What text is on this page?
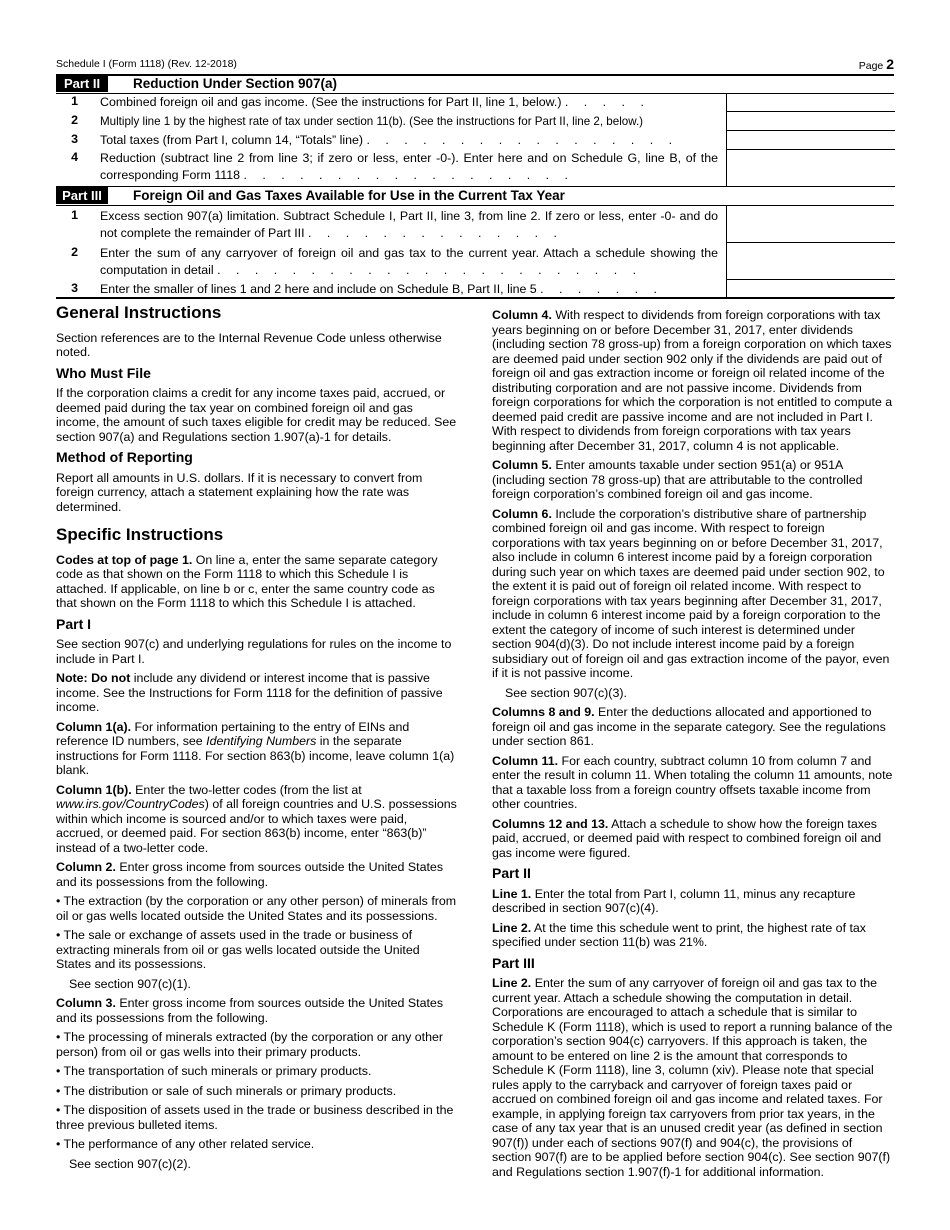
Schedule I (Form 1118) (Rev. 12-2018)	Page 2
Part II	Reduction Under Section 907(a)
1 Combined foreign oil and gas income. (See the instructions for Part II, line 1, below.) . . . . .
2 Multiply line 1 by the highest rate of tax under section 11(b). (See the instructions for Part II, line 2, below.)
3 Total taxes (from Part I, column 14, “Totals” line) . . . . . . . . . . . . . . . . .
4 Reduction (subtract line 2 from line 3; if zero or less, enter -0-). Enter here and on Schedule G, line B, of the corresponding Form 1118 . . . . . . . . . . . . . . . . . .
Part III	Foreign Oil and Gas Taxes Available for Use in the Current Tax Year
1 Excess section 907(a) limitation. Subtract Schedule I, Part II, line 3, from line 2. If zero or less, enter -0- and do not complete the remainder of Part III . . . . . . . . . . . . . .
2 Enter the sum of any carryover of foreign oil and gas tax to the current year. Attach a schedule showing the computation in detail . . . . . . . . . . . . . . . . . . . . . . .
3 Enter the smaller of lines 1 and 2 here and include on Schedule B, Part II, line 5 . . . . . . .
General Instructions

Section references are to the Internal Revenue Code unless otherwise noted.

Who Must File

If the corporation claims a credit for any income taxes paid, accrued, or deemed paid during the tax year on combined foreign oil and gas income, the amount of such taxes eligible for credit may be reduced. See section 907(a) and Regulations section 1.907(a)-1 for details.

Method of Reporting

Report all amounts in U.S. dollars. If it is necessary to convert from foreign currency, attach a statement explaining how the rate was determined.

Specific Instructions

Codes at top of page 1. On line a, enter the same separate category code as that shown on the Form 1118 to which this Schedule I is attached. If applicable, on line b or c, enter the same country code as that shown on the Form 1118 to which this Schedule I is attached.

Part I

See section 907(c) and underlying regulations for rules on the income to include in Part I.

Note: Do not include any dividend or interest income that is passive income. See the Instructions for Form 1118 for the definition of passive income.

Column 1(a). For information pertaining to the entry of EINs and reference ID numbers, see Identifying Numbers in the separate instructions for Form 1118. For section 863(b) income, leave column 1(a) blank.

Column 1(b). Enter the two-letter codes (from the list at www.irs.gov/CountryCodes) of all foreign countries and U.S. possessions within which income is sourced and/or to which taxes were paid, accrued, or deemed paid. For section 863(b) income, enter “863(b)” instead of a two-letter code.

Column 2. Enter gross income from sources outside the United States and its possessions from the following.

• The extraction (by the corporation or any other person) of minerals from oil or gas wells located outside the United States and its possessions.

• The sale or exchange of assets used in the trade or business of extracting minerals from oil or gas wells located outside the United States and its possessions.

See section 907(c)(1).

Column 3. Enter gross income from sources outside the United States and its possessions from the following.

• The processing of minerals extracted (by the corporation or any other person) from oil or gas wells into their primary products.

• The transportation of such minerals or primary products.

• The distribution or sale of such minerals or primary products.

• The disposition of assets used in the trade or business described in the three previous bulleted items.

• The performance of any other related service.

See section 907(c)(2).

Column 4. With respect to dividends from foreign corporations with tax years beginning on or before December 31, 2017, enter dividends (including section 78 gross-up) from a foreign corporation on which taxes are deemed paid under section 902 only if the dividends are paid out of foreign oil and gas extraction income or foreign oil related income of the distributing corporation and are not passive income. Dividends from foreign corporations for which the corporation is not entitled to compute a deemed paid credit are passive income and are not included in Part I. With respect to dividends from foreign corporations with tax years beginning after December 31, 2017, column 4 is not applicable.

Column 5. Enter amounts taxable under section 951(a) or 951A (including section 78 gross-up) that are attributable to the controlled foreign corporation’s combined foreign oil and gas income.

Column 6. Include the corporation’s distributive share of partnership combined foreign oil and gas income. With respect to foreign corporations with tax years beginning on or before December 31, 2017, also include in column 6 interest income paid by a foreign corporation during such year on which taxes are deemed paid under section 902, to the extent it is paid out of foreign oil related income. With respect to foreign corporations with tax years beginning after December 31, 2017, include in column 6 interest income paid by a foreign corporation to the extent the category of income of such interest is determined under section 904(d)(3). Do not include interest income paid by a foreign subsidiary out of foreign oil and gas extraction income of the payor, even if it is not passive income.

See section 907(c)(3).

Columns 8 and 9. Enter the deductions allocated and apportioned to foreign oil and gas income in the separate category. See the regulations under section 861.

Column 11. For each country, subtract column 10 from column 7 and enter the result in column 11. When totaling the column 11 amounts, note that a taxable loss from a foreign country offsets taxable income from other countries.

Columns 12 and 13. Attach a schedule to show how the foreign taxes paid, accrued, or deemed paid with respect to combined foreign oil and gas income were figured.

Part II

Line 1. Enter the total from Part I, column 11, minus any recapture described in section 907(c)(4).

Line 2. At the time this schedule went to print, the highest rate of tax specified under section 11(b) was 21%.

Part III

Line 2. Enter the sum of any carryover of foreign oil and gas tax to the current year. Attach a schedule showing the computation in detail. Corporations are encouraged to attach a schedule that is similar to Schedule K (Form 1118), which is used to report a running balance of the corporation’s section 904(c) carryovers. If this approach is taken, the amount to be entered on line 2 is the amount that corresponds to Schedule K (Form 1118), line 3, column (xiv). Please note that special rules apply to the carryback and carryover of foreign taxes paid or accrued on combined foreign oil and gas income and related taxes. For example, in applying foreign tax carryovers from prior tax years, in the case of any tax year that is an unused credit year (as defined in section 907(f)) under each of sections 907(f) and 904(c), the provisions of section 907(f) are to be applied before section 904(c). See section 907(f) and Regulations section 1.907(f)-1 for additional information.
